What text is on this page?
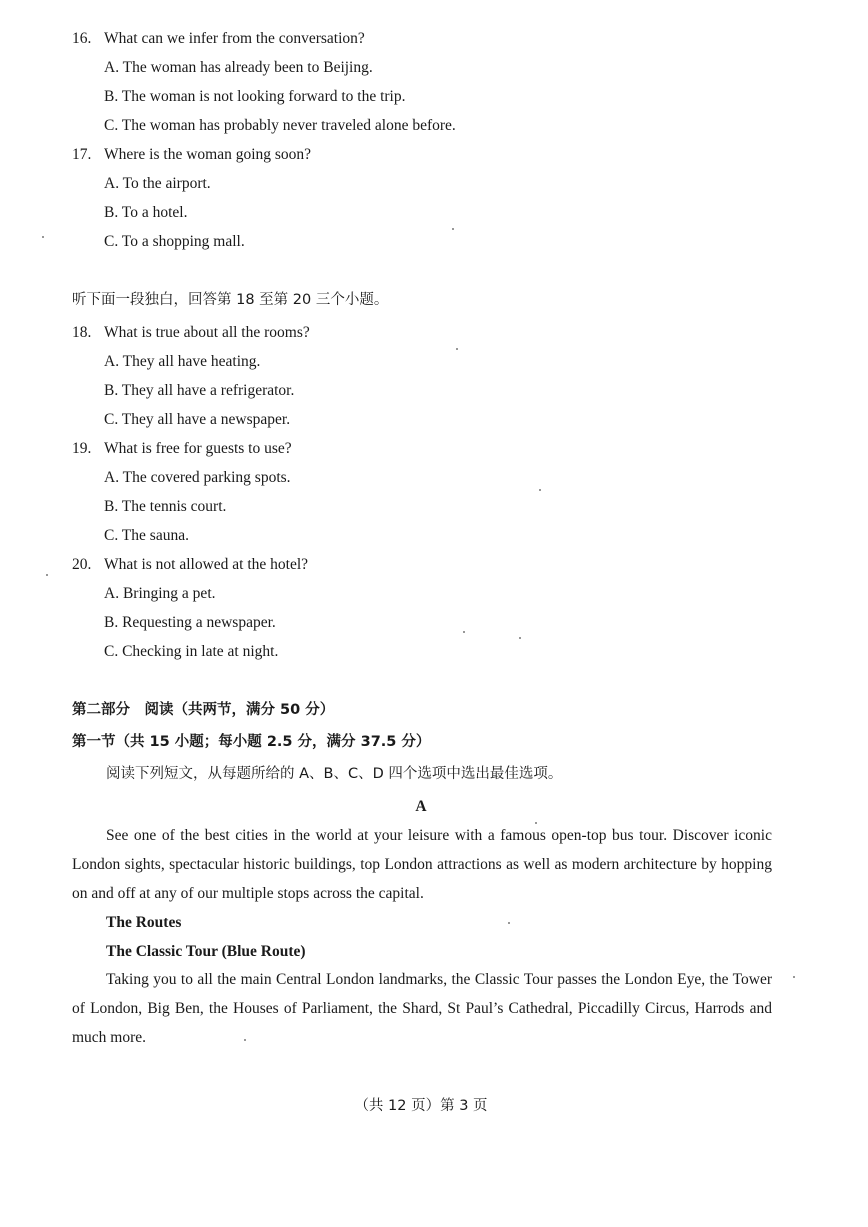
16. What can we infer from the conversation?
A. The woman has already been to Beijing.
B. The woman is not looking forward to the trip.
C. The woman has probably never traveled alone before.
17. Where is the woman going soon?
A. To the airport.
B. To a hotel.
C. To a shopping mall.
听下面一段独白，回答第 18 至第 20 三个小题。
18. What is true about all the rooms?
A. They all have heating.
B. They all have a refrigerator.
C. They all have a newspaper.
19. What is free for guests to use?
A. The covered parking spots.
B. The tennis court.
C. The sauna.
20. What is not allowed at the hotel?
A. Bringing a pet.
B. Requesting a newspaper.
C. Checking in late at night.
第二部分　阅读（共两节，满分 50 分）
第一节（共 15 小题；每小题 2.5 分，满分 37.5 分）
阅读下列短文，从每题所给的 A、B、C、D 四个选项中选出最佳选项。
A
See one of the best cities in the world at your leisure with a famous open-top bus tour. Discover iconic London sights, spectacular historic buildings, top London attractions as well as modern architecture by hopping on and off at any of our multiple stops across the capital.
The Routes
The Classic Tour (Blue Route)
Taking you to all the main Central London landmarks, the Classic Tour passes the London Eye, the Tower of London, Big Ben, the Houses of Parliament, the Shard, St Paul’s Cathedral, Piccadilly Circus, Harrods and much more.
（共 12 页）第 3 页
